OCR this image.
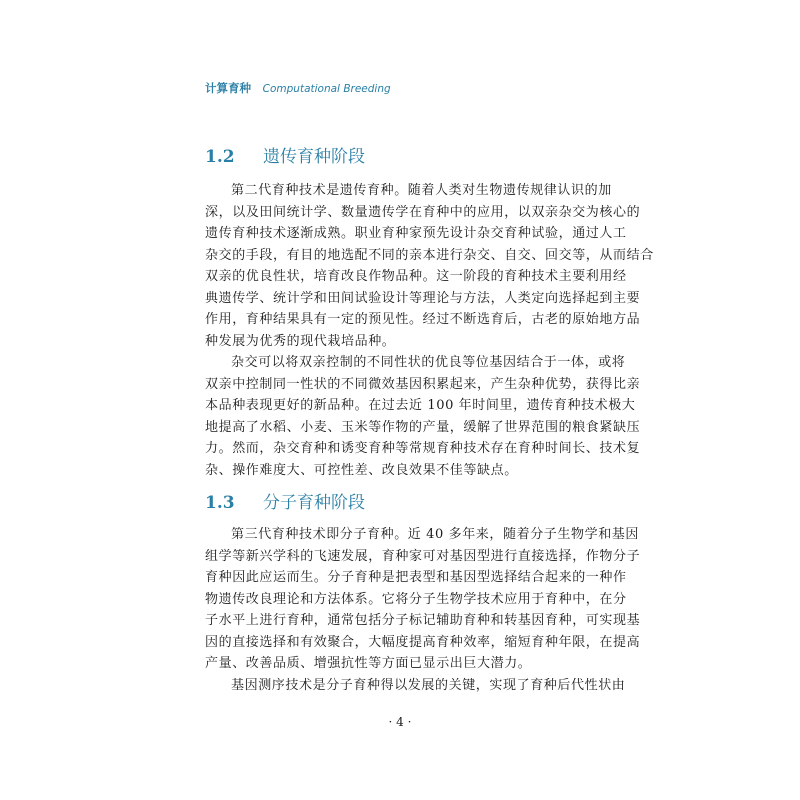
计算育种 Computational Breeding
1.2 遗传育种阶段
第二代育种技术是遗传育种。随着人类对生物遗传规律认识的加
深，以及田间统计学、数量遗传学在育种中的应用，以双亲杂交为核心的
遗传育种技术逐渐成熟。职业育种家预先设计杂交育种试验，通过人工
杂交的手段，有目的地选配不同的亲本进行杂交、自交、回交等，从而结合
双亲的优良性状，培育改良作物品种。这一阶段的育种技术主要利用经
典遗传学、统计学和田间试验设计等理论与方法，人类定向选择起到主要
作用，育种结果具有一定的预见性。经过不断选育后，古老的原始地方品
种发展为优秀的现代栽培品种。
杂交可以将双亲控制的不同性状的优良等位基因结合于一体，或将
双亲中控制同一性状的不同微效基因积累起来，产生杂种优势，获得比亲
本品种表现更好的新品种。在过去近 100 年时间里，遗传育种技术极大
地提高了水稻、小麦、玉米等作物的产量，缓解了世界范围的粮食紧缺压
力。然而，杂交育种和诱变育种等常规育种技术存在育种时间长、技术复
杂、操作难度大、可控性差、改良效果不佳等缺点。
1.3 分子育种阶段
第三代育种技术即分子育种。近 40 多年来，随着分子生物学和基因
组学等新兴学科的飞速发展，育种家可对基因型进行直接选择，作物分子
育种因此应运而生。分子育种是把表型和基因型选择结合起来的一种作
物遗传改良理论和方法体系。它将分子生物学技术应用于育种中，在分
子水平上进行育种，通常包括分子标记辅助育种和转基因育种，可实现基
因的直接选择和有效聚合，大幅度提高育种效率，缩短育种年限，在提高
产量、改善品质、增强抗性等方面已显示出巨大潜力。
基因测序技术是分子育种得以发展的关键，实现了育种后代性状由
· 4 ·
